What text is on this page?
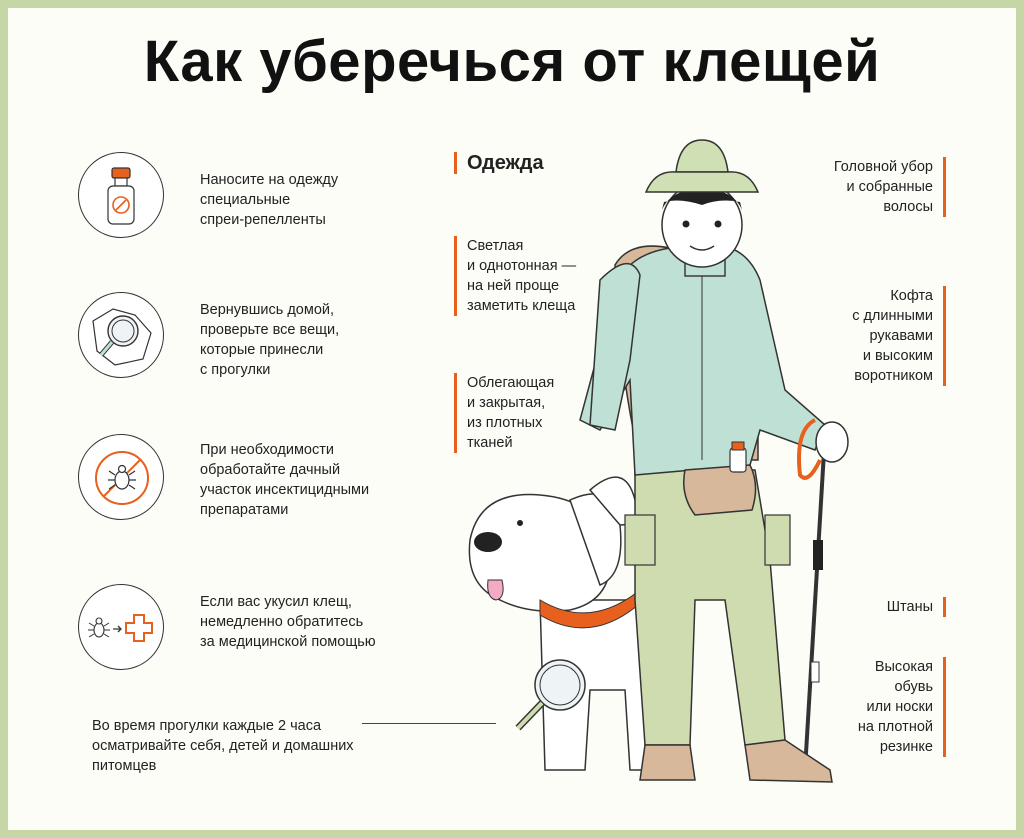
Как уберечься от клещей
Наносите на одежду
специальные
спреи-репелленты
Вернувшись домой,
проверьте все вещи,
которые принесли
с прогулки
При необходимости
обработайте дачный
участок инсектицидными
препаратами
Если вас укусил клещ,
немедленно обратитесь
за медицинской помощью
Во время прогулки каждые 2 часа
осматривайте себя, детей и домашних
питомцев
Одежда
Светлая
и однотонная —
на ней проще
заметить клеща
Облегающая
и закрытая,
из плотных
тканей
Головной убор
и собранные
волосы
Кофта
с длинными
рукавами
и высоким
воротником
Штаны
Высокая
обувь
или носки
на плотной
резинке
